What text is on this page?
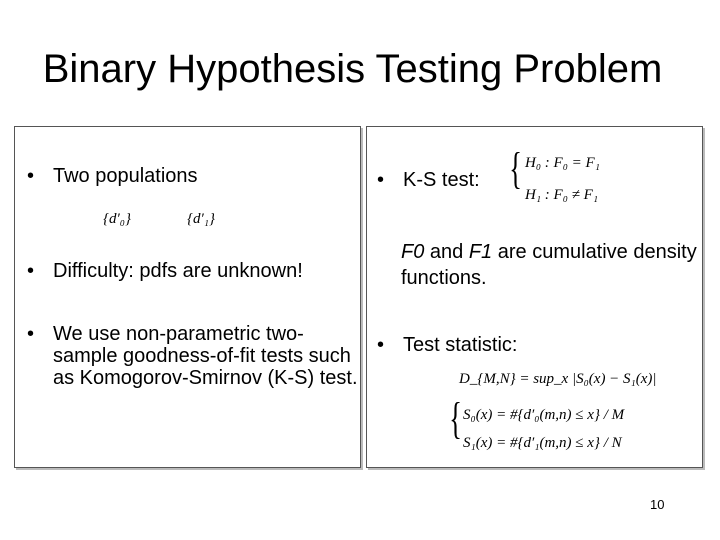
Binary Hypothesis Testing Problem
• Two populations
{d′₀}	{d′₁}
• Difficulty: pdfs are unknown!
• We use non-parametric two-sample goodness-of-fit tests such as Komogorov-Smirnov (K-S) test.
• K-S test: { H₀ : F₀ = F₁
H₁ : F₀ ≠ F₁
F0 and F1 are cumulative density functions.
• Test statistic:
D_{M,N} = sup_x |S₀(x) − S₁(x)|
{ S₀(x) = #{d′₀(m,n) ≤ x} / M
S₁(x) = #{d′₁(m,n) ≤ x} / N
10
